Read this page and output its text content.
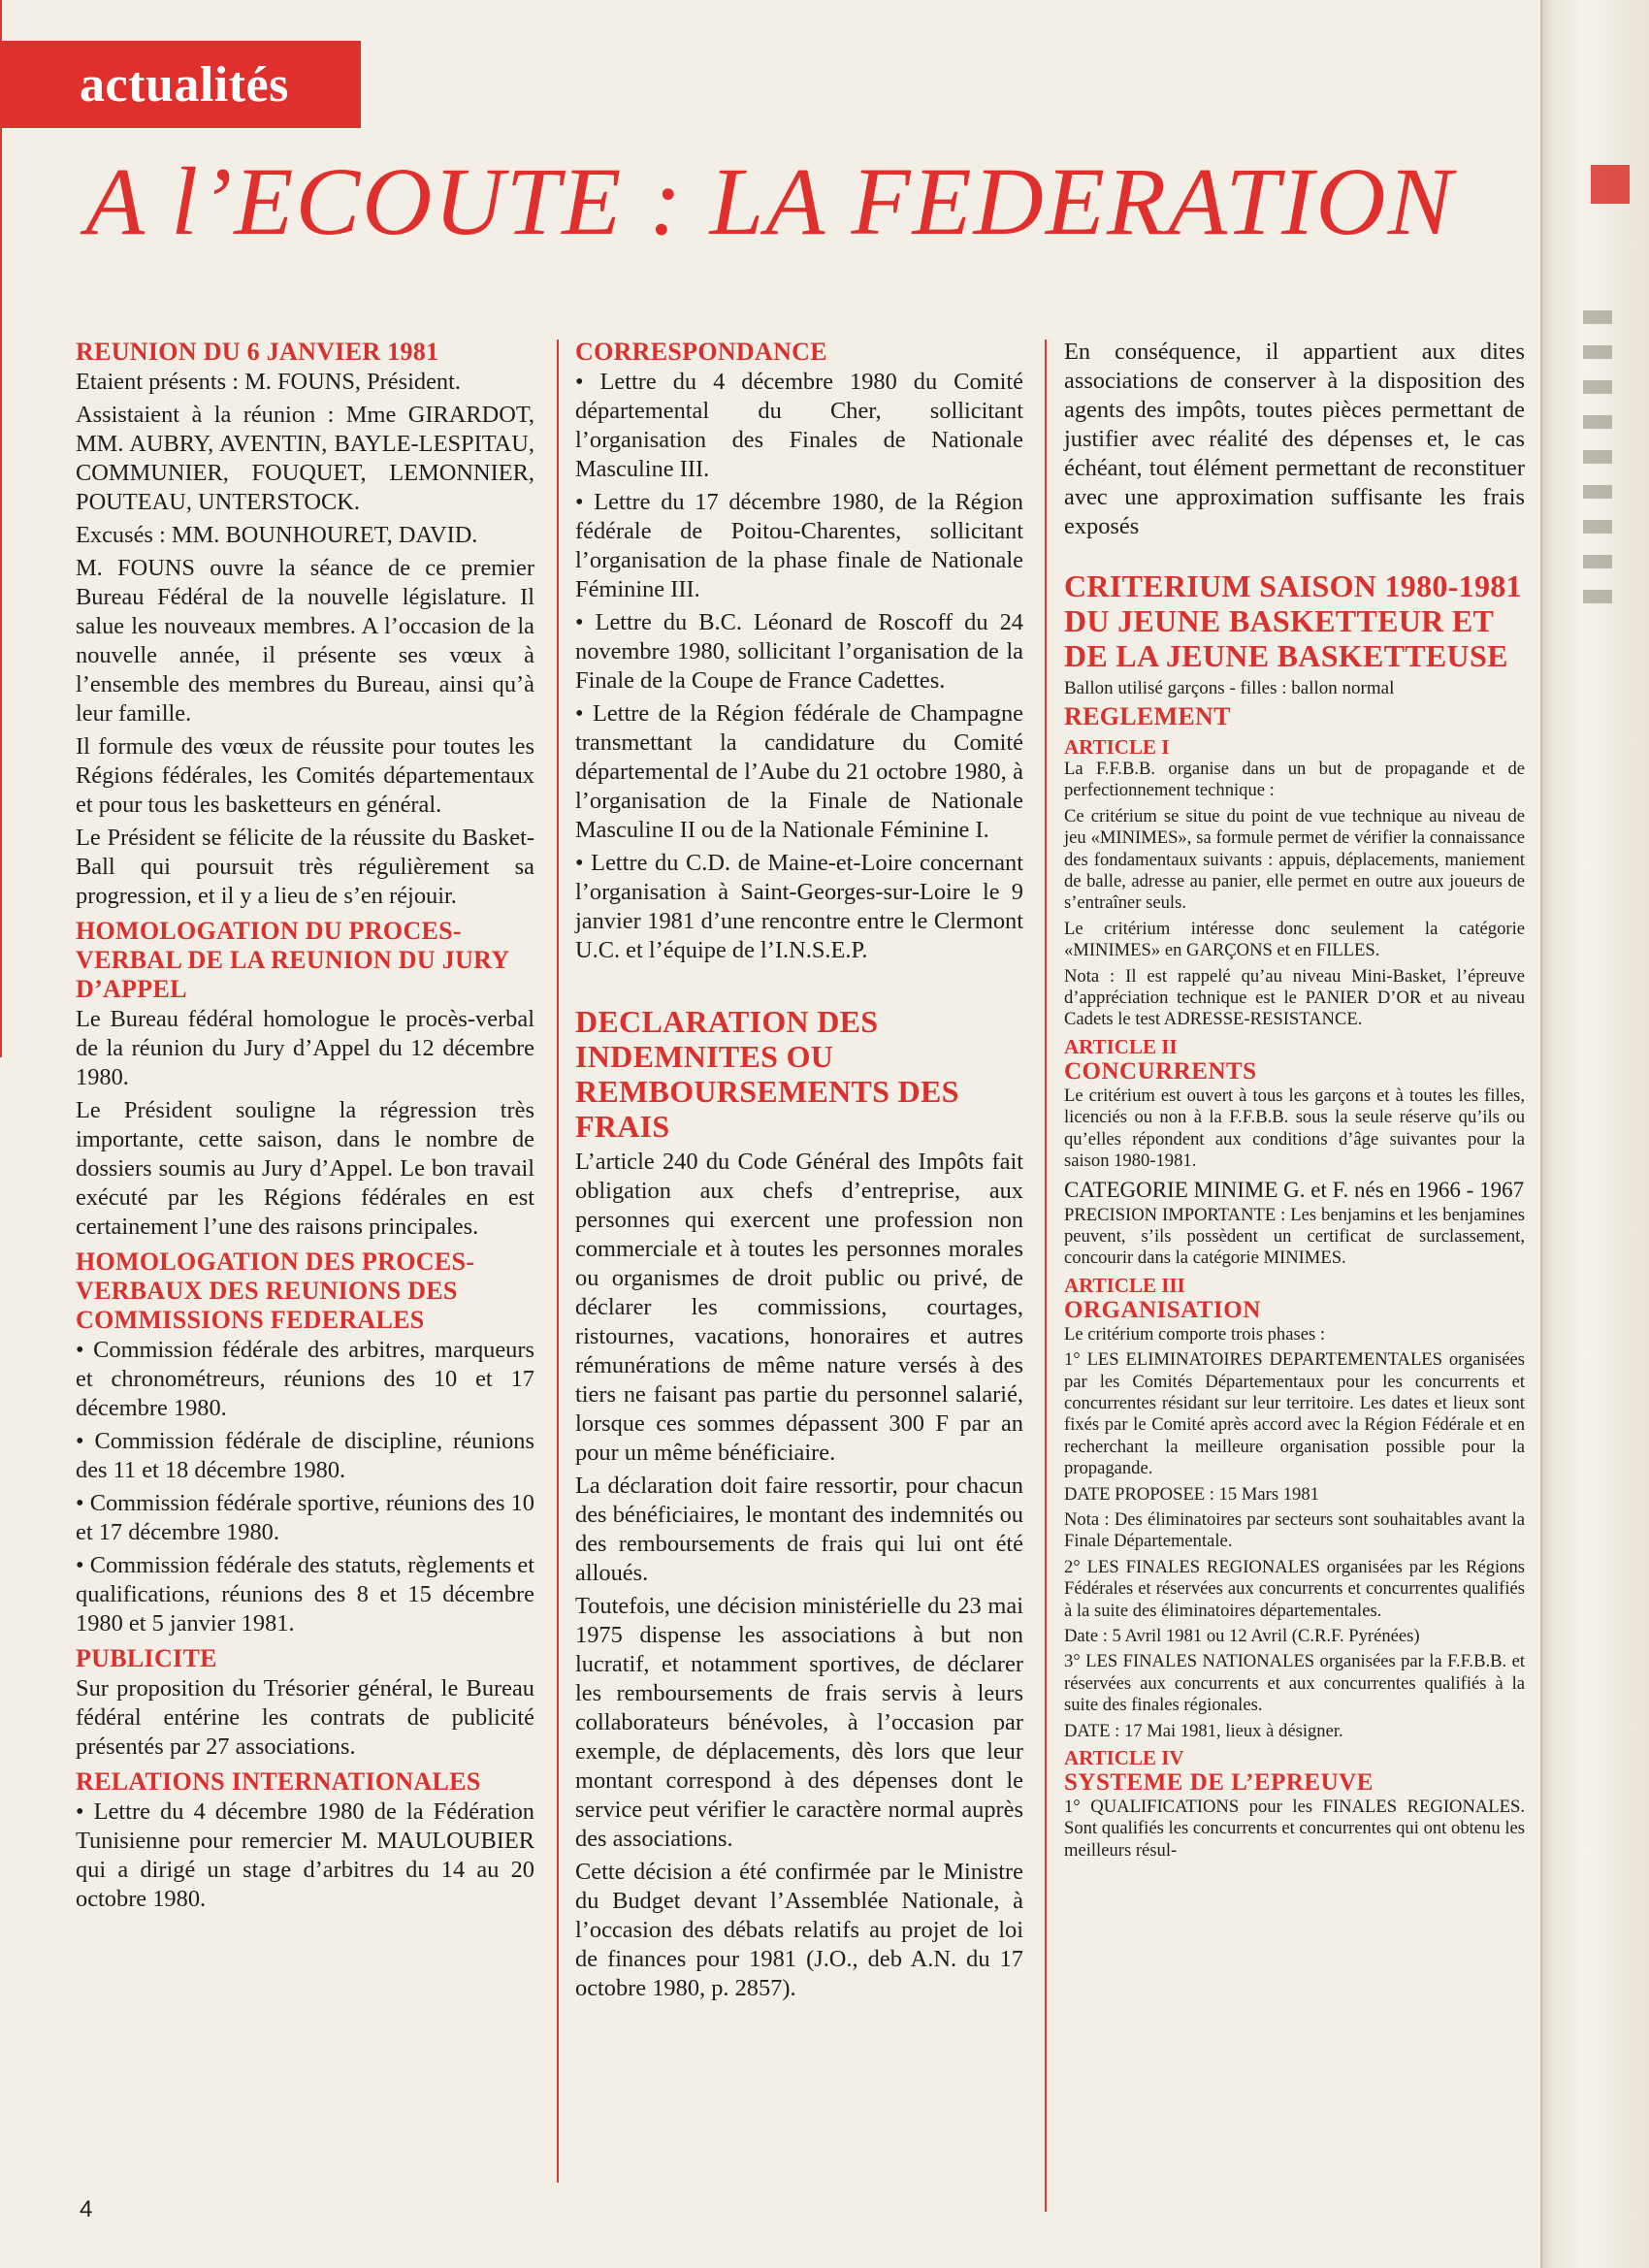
actualités
A l’ECOUTE : LA FEDERATION
REUNION DU 6 JANVIER 1981

Etaient présents : M. FOUNS, Président.

Assistaient à la réunion : Mme GIRARDOT, MM. AUBRY, AVENTIN, BAYLE-LESPITAU, COMMUNIER, FOUQUET, LEMONNIER, POUTEAU, UNTERSTOCK.

Excusés : MM. BOUNHOURET, DAVID.

M. FOUNS ouvre la séance de ce premier Bureau Fédéral de la nouvelle législature. Il salue les nouveaux membres. A l’occasion de la nouvelle année, il présente ses vœux à l’ensemble des membres du Bureau, ainsi qu’à leur famille.

Il formule des vœux de réussite pour toutes les Régions fédérales, les Comités départementaux et pour tous les basketteurs en général.

Le Président se félicite de la réussite du Basket-Ball qui poursuit très régulièrement sa progression, et il y a lieu de s’en réjouir.

HOMOLOGATION DU PROCES-VERBAL DE LA REUNION DU JURY D’APPEL

Le Bureau fédéral homologue le procès-verbal de la réunion du Jury d’Appel du 12 décembre 1980.

Le Président souligne la régression très importante, cette saison, dans le nombre de dossiers soumis au Jury d’Appel. Le bon travail exécuté par les Régions fédérales en est certainement l’une des raisons principales.

HOMOLOGATION DES PROCES-VERBAUX DES REUNIONS DES COMMISSIONS FEDERALES

• Commission fédérale des arbitres, marqueurs et chronométreurs, réunions des 10 et 17 décembre 1980.

• Commission fédérale de discipline, réunions des 11 et 18 décembre 1980.

• Commission fédérale sportive, réunions des 10 et 17 décembre 1980.

• Commission fédérale des statuts, règlements et qualifications, réunions des 8 et 15 décembre 1980 et 5 janvier 1981.

PUBLICITE

Sur proposition du Trésorier général, le Bureau fédéral entérine les contrats de publicité présentés par 27 associations.

RELATIONS INTERNATIONALES

• Lettre du 4 décembre 1980 de la Fédération Tunisienne pour remercier M. MAULOUBIER qui a dirigé un stage d’arbitres du 14 au 20 octobre 1980.

CORRESPONDANCE

• Lettre du 4 décembre 1980 du Comité départemental du Cher, sollicitant l’organisation des Finales de Nationale Masculine III.

• Lettre du 17 décembre 1980, de la Région fédérale de Poitou-Charentes, sollicitant l’organisation de la phase finale de Nationale Féminine III.

• Lettre du B.C. Léonard de Roscoff du 24 novembre 1980, sollicitant l’organisation de la Finale de la Coupe de France Cadettes.

• Lettre de la Région fédérale de Champagne transmettant la candidature du Comité départemental de l’Aube du 21 octobre 1980, à l’organisation de la Finale de Nationale Masculine II ou de la Nationale Féminine I.

• Lettre du C.D. de Maine-et-Loire concernant l’organisation à Saint-Georges-sur-Loire le 9 janvier 1981 d’une rencontre entre le Clermont U.C. et l’équipe de l’I.N.S.E.P.

DECLARATION DES INDEMNITES OU REMBOURSEMENTS DES FRAIS

L’article 240 du Code Général des Impôts fait obligation aux chefs d’entreprise, aux personnes qui exercent une profession non commerciale et à toutes les personnes morales ou organismes de droit public ou privé, de déclarer les commissions, courtages, ristournes, vacations, honoraires et autres rémunérations de même nature versés à des tiers ne faisant pas partie du personnel salarié, lorsque ces sommes dépassent 300 F par an pour un même bénéficiaire.

La déclaration doit faire ressortir, pour chacun des bénéficiaires, le montant des indemnités ou des remboursements de frais qui lui ont été alloués.

Toutefois, une décision ministérielle du 23 mai 1975 dispense les associations à but non lucratif, et notamment sportives, de déclarer les remboursements de frais servis à leurs collaborateurs bénévoles, à l’occasion par exemple, de déplacements, dès lors que leur montant correspond à des dépenses dont le service peut vérifier le caractère normal auprès des associations.

Cette décision a été confirmée par le Ministre du Budget devant l’Assemblée Nationale, à l’occasion des débats relatifs au projet de loi de finances pour 1981 (J.O., deb A.N. du 17 octobre 1980, p. 2857).

En conséquence, il appartient aux dites associations de conserver à la disposition des agents des impôts, toutes pièces permettant de justifier avec réalité des dépenses et, le cas échéant, tout élément permettant de reconstituer avec une approximation suffisante les frais exposés

CRITERIUM SAISON 1980-1981 DU JEUNE BASKETTEUR ET DE LA JEUNE BASKETTEUSE

Ballon utilisé garçons - filles : ballon normal

REGLEMENT
ARTICLE I

La F.F.B.B. organise dans un but de propagande et de perfectionnement technique :

Ce critérium se situe du point de vue technique au niveau de jeu «MINIMES», sa formule permet de vérifier la connaissance des fondamentaux suivants : appuis, déplacements, maniement de balle, adresse au panier, elle permet en outre aux joueurs de s’entraîner seuls.

Le critérium intéresse donc seulement la catégorie «MINIMES» en GARÇONS et en FILLES.

Nota : Il est rappelé qu’au niveau Mini-Basket, l’épreuve d’appréciation technique est le PANIER D’OR et au niveau Cadets le test ADRESSE-RESISTANCE.

ARTICLE II
CONCURRENTS

Le critérium est ouvert à tous les garçons et à toutes les filles, licenciés ou non à la F.F.B.B. sous la seule réserve qu’ils ou qu’elles répondent aux conditions d’âge suivantes pour la saison 1980-1981.

CATEGORIE MINIME G. et F. nés en 1966 - 1967

PRECISION IMPORTANTE : Les benjamins et les benjamines peuvent, s’ils possèdent un certificat de surclassement, concourir dans la catégorie MINIMES.

ARTICLE III
ORGANISATION

Le critérium comporte trois phases :

1° LES ELIMINATOIRES DEPARTEMENTALES organisées par les Comités Départementaux pour les concurrents et concurrentes résidant sur leur territoire. Les dates et lieux sont fixés par le Comité après accord avec la Région Fédérale et en recherchant la meilleure organisation possible pour la propagande.

DATE PROPOSEE : 15 Mars 1981

Nota : Des éliminatoires par secteurs sont souhaitables avant la Finale Départementale.

2° LES FINALES REGIONALES organisées par les Régions Fédérales et réservées aux concurrents et concurrentes qualifiés à la suite des éliminatoires départementales.

Date : 5 Avril 1981 ou 12 Avril (C.R.F. Pyrénées)

3° LES FINALES NATIONALES organisées par la F.F.B.B. et réservées aux concurrents et aux concurrentes qualifiés à la suite des finales régionales.

DATE : 17 Mai 1981, lieux à désigner.

ARTICLE IV
SYSTEME DE L’EPREUVE

1° QUALIFICATIONS pour les FINALES REGIONALES. Sont qualifiés les concurrents et concurrentes qui ont obtenu les meilleurs résul-

4
